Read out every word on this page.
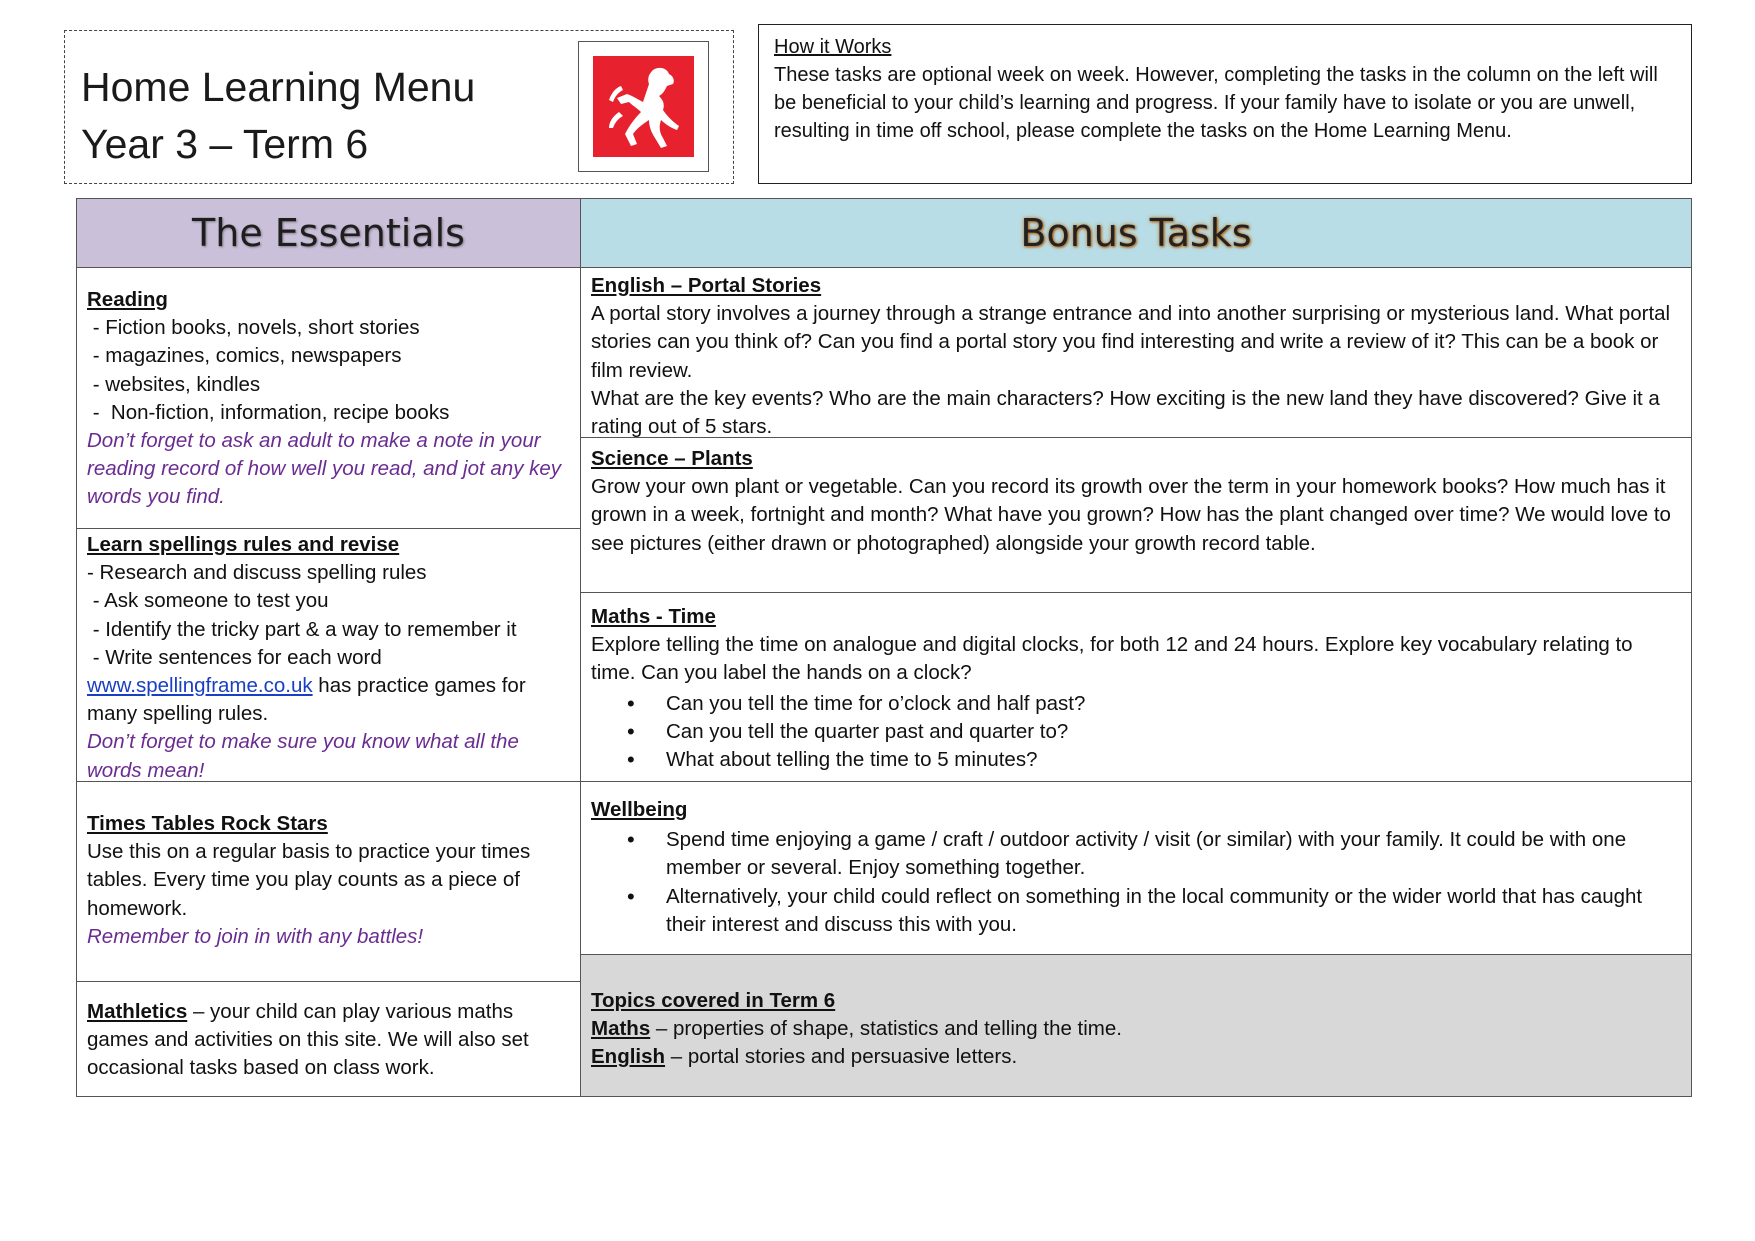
Home Learning Menu
Year 3 – Term 6
How it Works
These tasks are optional week on week. However, completing the tasks in the column on the left will be beneficial to your child’s learning and progress. If your family have to isolate or you are unwell, resulting in time off school, please complete the tasks on the Home Learning Menu.
The Essentials	Bonus Tasks
Reading
- Fiction books, novels, short stories
- magazines, comics, newspapers
- websites, kindles
-  Non-fiction, information, recipe books
Don’t forget to ask an adult to make a note in your reading record of how well you read, and jot any key words you find.
Learn spellings rules and revise
- Research and discuss spelling rules
- Ask someone to test you
- Identify the tricky part & a way to remember it
- Write sentences for each word
www.spellingframe.co.uk has practice games for many spelling rules.
Don’t forget to make sure you know what all the words mean!
Times Tables Rock Stars
Use this on a regular basis to practice your times tables. Every time you play counts as a piece of homework.
Remember to join in with any battles!
Mathletics – your child can play various maths games and activities on this site. We will also set occasional tasks based on class work.
English – Portal Stories
A portal story involves a journey through a strange entrance and into another surprising or mysterious land. What portal stories can you think of? Can you find a portal story you find interesting and write a review of it? This can be a book or film review.
What are the key events? Who are the main characters? How exciting is the new land they have discovered? Give it a rating out of 5 stars.
Science – Plants
Grow your own plant or vegetable. Can you record its growth over the term in your homework books? How much has it grown in a week, fortnight and month? What have you grown? How has the plant changed over time? We would love to see pictures (either drawn or photographed) alongside your growth record table.
Maths - Time
Explore telling the time on analogue and digital clocks, for both 12 and 24 hours. Explore key vocabulary relating to time. Can you label the hands on a clock?
• Can you tell the time for o’clock and half past?
• Can you tell the quarter past and quarter to?
• What about telling the time to 5 minutes?
Wellbeing
• Spend time enjoying a game / craft / outdoor activity / visit (or similar) with your family. It could be with one member or several. Enjoy something together.
• Alternatively, your child could reflect on something in the local community or the wider world that has caught their interest and discuss this with you.
Topics covered in Term 6
Maths – properties of shape, statistics and telling the time.
English – portal stories and persuasive letters.
